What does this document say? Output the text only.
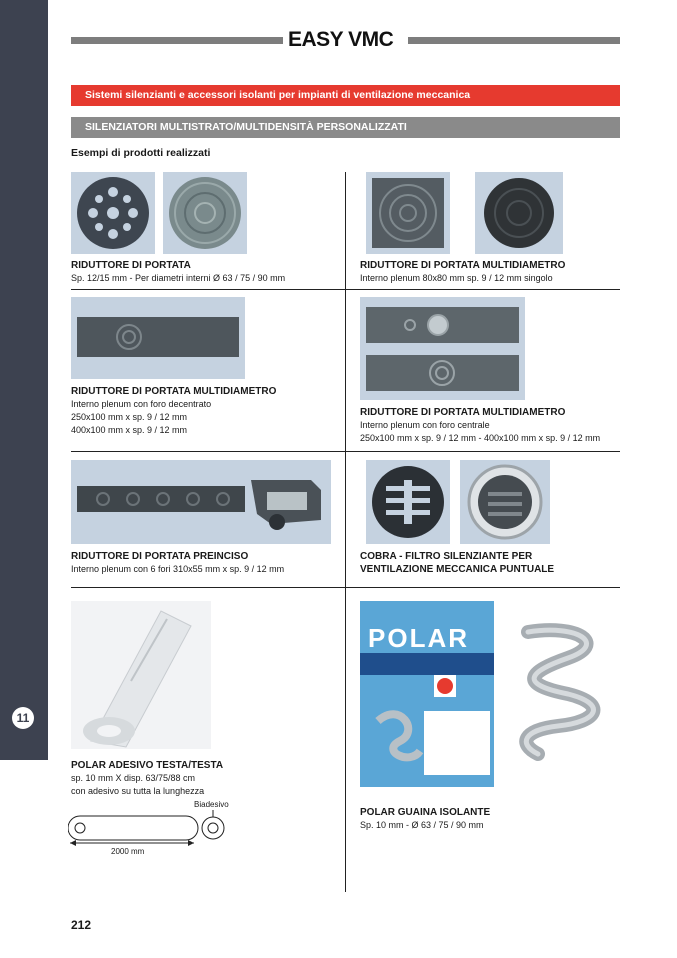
11
EASY VMC
Sistemi silenzianti e accessori isolanti per impianti di ventilazione meccanica
SILENZIATORI MULTISTRATO/MULTIDENSITÀ PERSONALIZZATI
Esempi di prodotti realizzati
RIDUTTORE DI PORTATA
Sp. 12/15 mm - Per diametri interni Ø 63 / 75 / 90 mm
RIDUTTORE DI PORTATA MULTIDIAMETRO
Interno plenum 80x80 mm sp. 9 / 12 mm singolo
RIDUTTORE DI PORTATA MULTIDIAMETRO
Interno plenum con foro decentrato
250x100 mm x sp. 9 / 12 mm
400x100 mm x sp. 9 / 12 mm
RIDUTTORE DI PORTATA MULTIDIAMETRO
Interno plenum con foro centrale
250x100 mm x sp. 9 / 12 mm - 400x100 mm x sp. 9 / 12 mm
RIDUTTORE DI PORTATA PREINCISO
Interno plenum con 6 fori 310x55 mm x sp. 9 / 12 mm
COBRA - FILTRO SILENZIANTE PER
VENTILAZIONE MECCANICA PUNTUALE
POLAR ADESIVO TESTA/TESTA
sp. 10 mm X disp. 63/75/88 cm
con adesivo su tutta la lunghezza
Biadesivo
2000 mm
POLAR
POLAR GUAINA ISOLANTE
Sp. 10 mm - Ø 63 / 75 / 90 mm
212
